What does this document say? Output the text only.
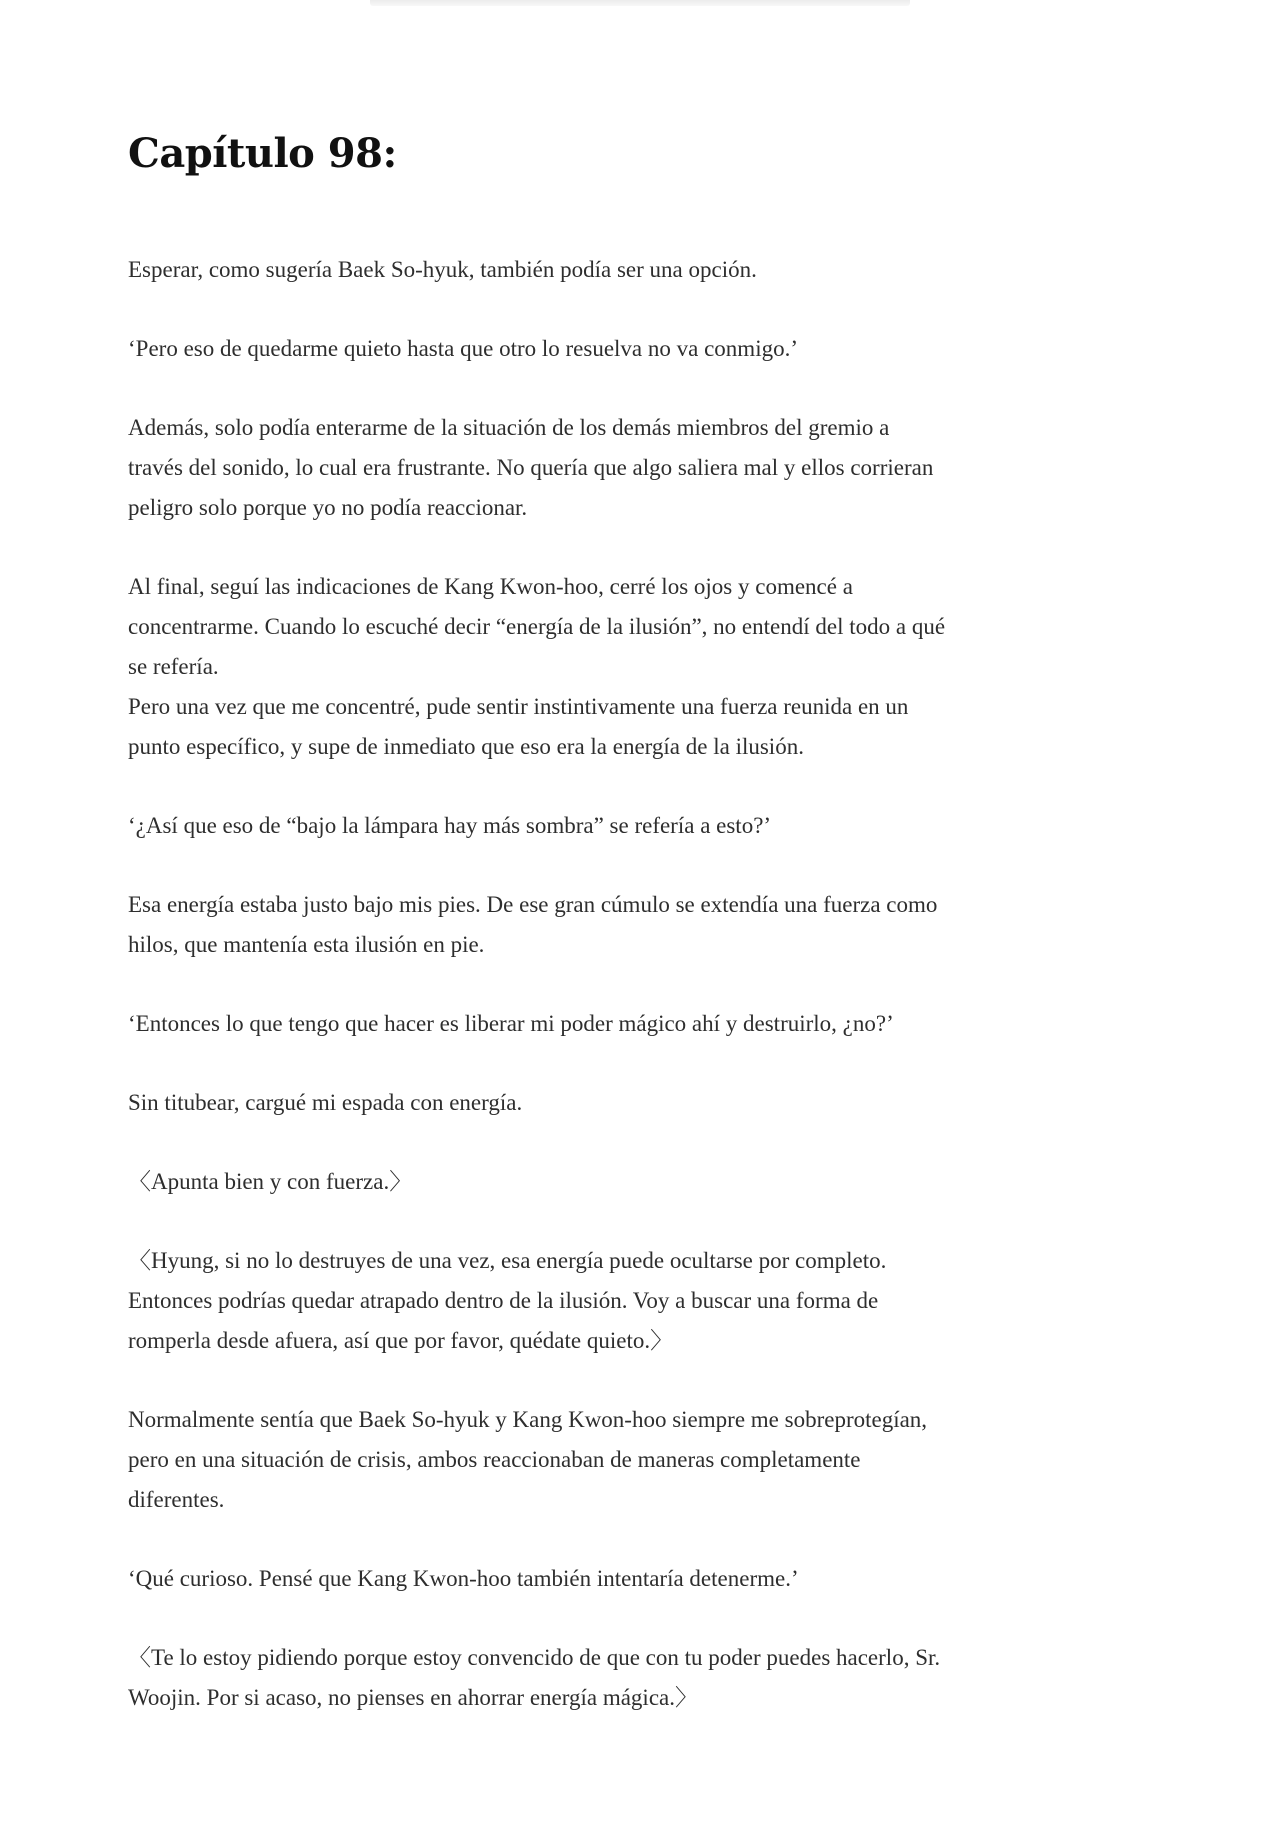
Capítulo 98:

Esperar, como sugería Baek So-hyuk, también podía ser una opción.

‘Pero eso de quedarme quieto hasta que otro lo resuelva no va conmigo.’

Además, solo podía enterarme de la situación de los demás miembros del gremio a
través del sonido, lo cual era frustrante. No quería que algo saliera mal y ellos corrieran
peligro solo porque yo no podía reaccionar.

Al final, seguí las indicaciones de Kang Kwon-hoo, cerré los ojos y comencé a
concentrarme. Cuando lo escuché decir “energía de la ilusión”, no entendí del todo a qué
se refería.

Pero una vez que me concentré, pude sentir instintivamente una fuerza reunida en un
punto específico, y supe de inmediato que eso era la energía de la ilusión.

‘¿Así que eso de “bajo la lámpara hay más sombra” se refería a esto?’

Esa energía estaba justo bajo mis pies. De ese gran cúmulo se extendía una fuerza como
hilos, que mantenía esta ilusión en pie.

‘Entonces lo que tengo que hacer es liberar mi poder mágico ahí y destruirlo, ¿no?’

Sin titubear, cargué mi espada con energía.

〈Apunta bien y con fuerza.〉

〈Hyung, si no lo destruyes de una vez, esa energía puede ocultarse por completo.
Entonces podrías quedar atrapado dentro de la ilusión. Voy a buscar una forma de
romperla desde afuera, así que por favor, quédate quieto.〉

Normalmente sentía que Baek So-hyuk y Kang Kwon-hoo siempre me sobreprotegían,
pero en una situación de crisis, ambos reaccionaban de maneras completamente
diferentes.

‘Qué curioso. Pensé que Kang Kwon-hoo también intentaría detenerme.’

〈Te lo estoy pidiendo porque estoy convencido de que con tu poder puedes hacerlo, Sr.
Woojin. Por si acaso, no pienses en ahorrar energía mágica.〉
